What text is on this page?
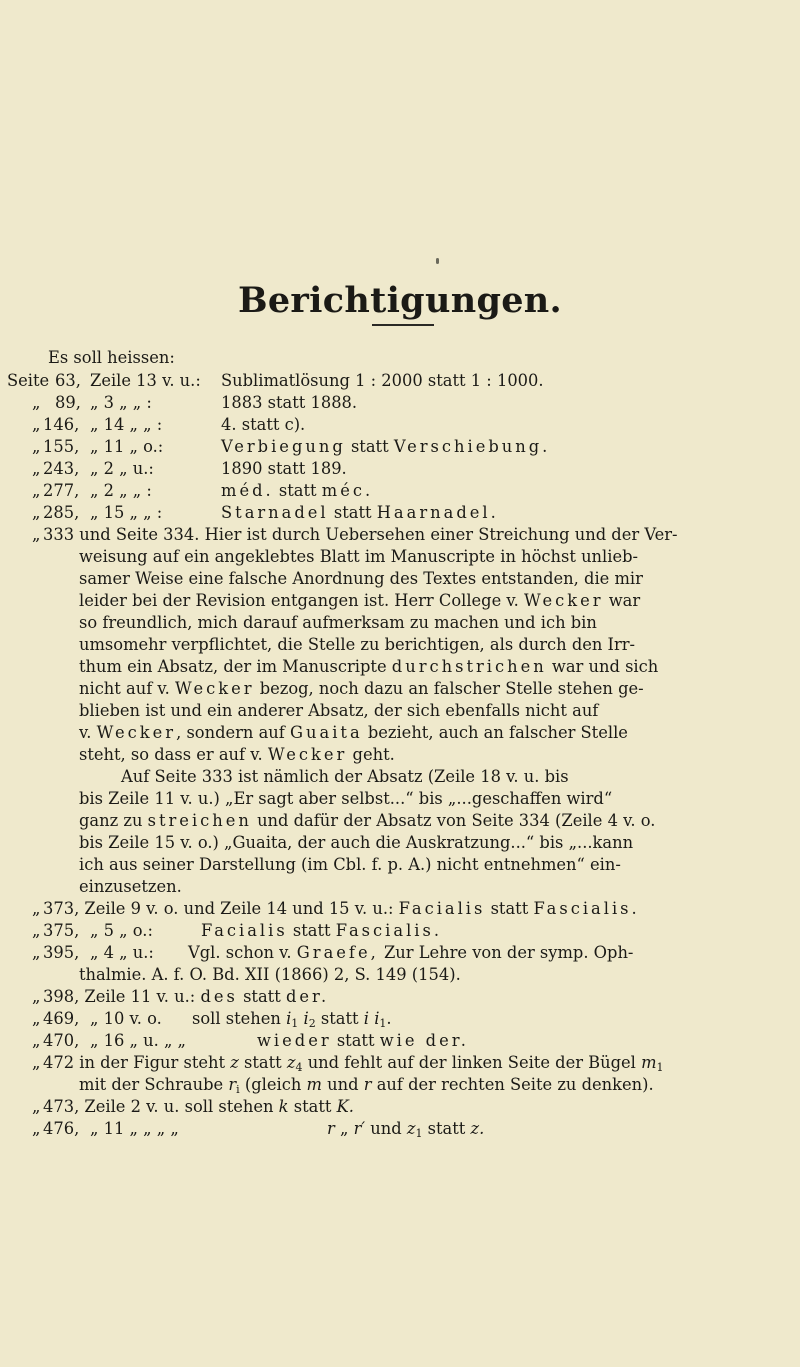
Berichtigungen.
Es soll heissen:
Seite 63, Zeile 13 v. u.: Sublimatlösung 1 : 2000 statt 1 : 1000.
„ 89, „ 3 „ „ :	1883 statt 1888.
„ 146, „ 14 „ „ :	4. statt c).
„ 155, „ 11 „ o.:	Verbiegung statt Verschiebung.
„ 243, „ 2 „ u.:	1890 statt 189.
„ 277, „ 2 „ „ :	méd. statt méc.
„ 285, „ 15 „ „ :	Starnadel statt Haarnadel.
„ 333 und Seite 334. Hier ist durch Uebersehen einer Streichung und der Ver-
weisung auf ein angeklebtes Blatt im Manuscripte in höchst unlieb-
samer Weise eine falsche Anordnung des Textes entstanden, die mir
leider bei der Revision entgangen ist. Herr College v. Wecker war
so freundlich, mich darauf aufmerksam zu machen und ich bin
umsomehr verpflichtet, die Stelle zu berichtigen, als durch den Irr-
thum ein Absatz, der im Manuscripte durchstrichen war und sich
nicht auf v. Wecker bezog, noch dazu an falscher Stelle stehen ge-
blieben ist und ein anderer Absatz, der sich ebenfalls nicht auf
v. Wecker, sondern auf Guaita bezieht, auch an falscher Stelle
steht, so dass er auf v. Wecker geht.
Auf Seite 333 ist nämlich der Absatz (Zeile 18 v. u. bis
bis Zeile 11 v. u.) „Er sagt aber selbst...“ bis „...geschaffen wird“
ganz zu streichen und dafür der Absatz von Seite 334 (Zeile 4 v. o.
bis Zeile 15 v. o.) „Guaita, der auch die Auskratzung...“ bis „...kann
ich aus seiner Darstellung (im Cbl. f. p. A.) nicht entnehmen“ ein-
einzusetzen.
„ 373, Zeile 9 v. o. und Zeile 14 und 15 v. u.: Facialis statt Fascialis.
„ 375, „ 5 „ o.:	Facialis statt Fascialis.
„ 395, „ 4 „ u.: Vgl. schon v. Graefe, Zur Lehre von der symp. Oph-
thalmie. A. f. O. Bd. XII (1866) 2, S. 149 (154).
„ 398, Zeile 11 v. u.: des statt der.
„ 469, „ 10 v. o. soll stehen $i_1$ $i_2$ statt i $i_1$.
„ 470, „ 16 „ u. „ „	wieder statt wie der.
„ 472 in der Figur steht z statt $z_4$ und fehlt auf der linken Seite der Bügel $m_1$
mit der Schraube $r_i$ (gleich m und r auf der rechten Seite zu denken).
„ 473, Zeile 2 v. u. soll stehen k statt K.
„ 476, „ 11 „ „ „ „	r „ r′ und $z_1$ statt z.
